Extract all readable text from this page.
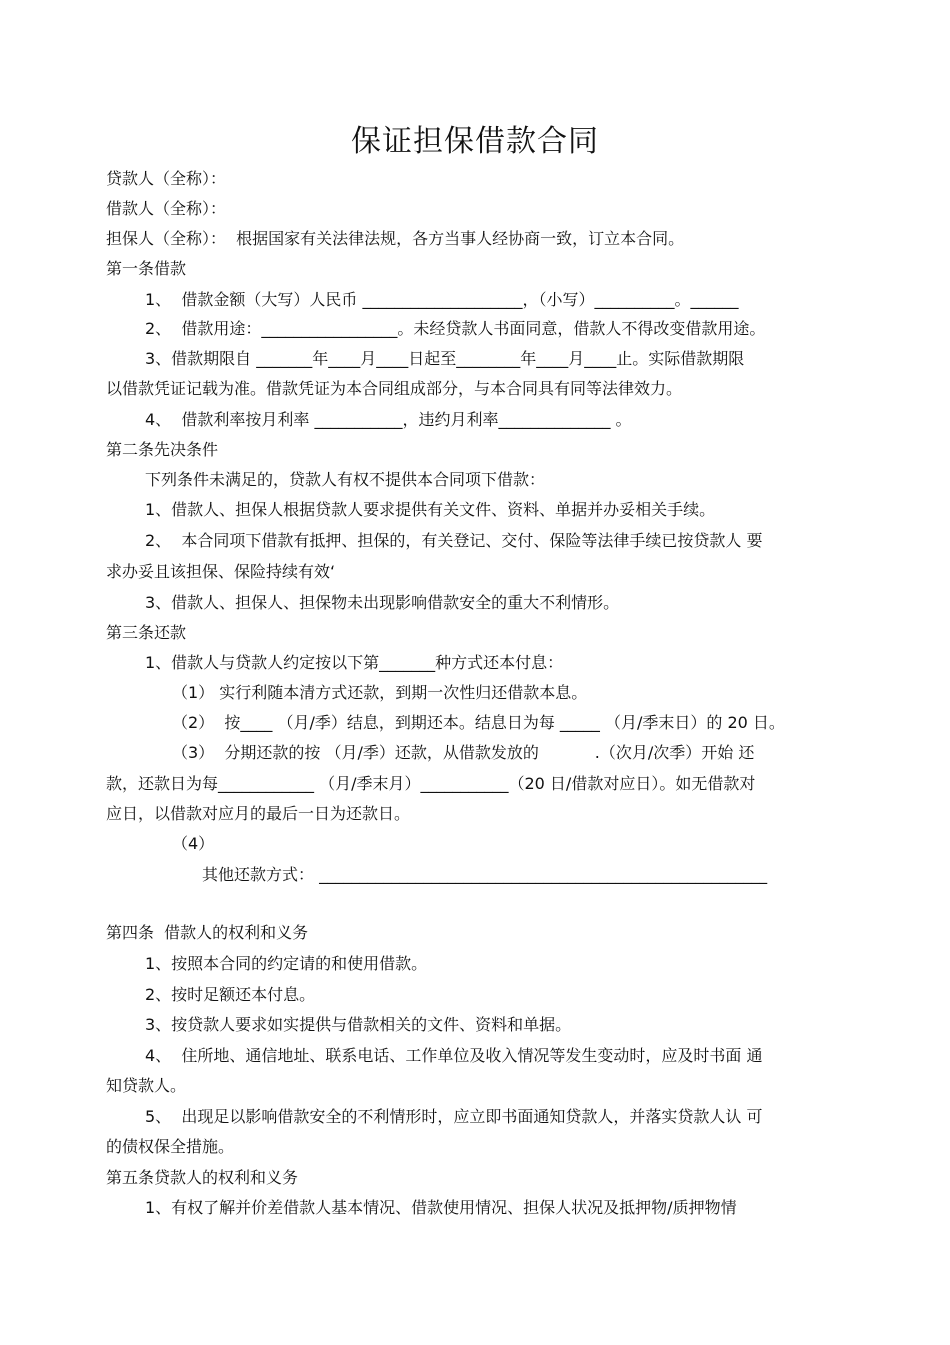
保证担保借款合同
贷款人（全称）：
借款人（全称）：
担保人（全称）：  根据国家有关法律法规，各方当事人经协商一致，订立本合同。
第一条借款
1、  借款金额（大写）人民币 ____________________，（小写）__________。______
2、  借款用途：_________________。未经贷款人书面同意，借款人不得改变借款用途。
3、借款期限自 _______年____月____日起至________年____月____止。实际借款期限
以借款凭证记载为准。借款凭证为本合同组成部分，与本合同具有同等法律效力。
4、  借款利率按月利率 ___________，违约月利率______________ 。
第二条先决条件
下列条件未满足的，贷款人有权不提供本合同项下借款：
1、借款人、担保人根据贷款人要求提供有关文件、资料、单据并办妥相关手续。
2、  本合同项下借款有抵押、担保的，有关登记、交付、保险等法律手续已按贷款人 要
求办妥且该担保、保险持续有效‘
3、借款人、担保人、担保物未出现影响借款安全的重大不利情形。
第三条还款
1、借款人与贷款人约定按以下第_______种方式还本付息：
（1） 实行利随本清方式还款，到期一次性归还借款本息。
（2）  按____ （月/季）结息，到期还本。结息日为每 _____ （月/季末日）的 20 日。
（3）  分期还款的按 （月/季）还款，从借款发放的           .（次月/次季）开始 还
款，还款日为每____________ （月/季末月）___________（20 日/借款对应日）。如无借款对
应日，以借款对应月的最后一日为还款日。
（4）
其他还款方式： ________________________________________________________
第四条  借款人的权利和义务
1、按照本合同的约定请的和使用借款。
2、按时足额还本付息。
3、按贷款人要求如实提供与借款相关的文件、资料和单据。
4、  住所地、通信地址、联系电话、工作单位及收入情况等发生变动时，应及时书面 通
知贷款人。
5、  出现足以影响借款安全的不利情形时，应立即书面通知贷款人，并落实贷款人认 可
的债权保全措施。
第五条贷款人的权利和义务
1、有权了解并价差借款人基本情况、借款使用情况、担保人状况及抵押物/质押物情
